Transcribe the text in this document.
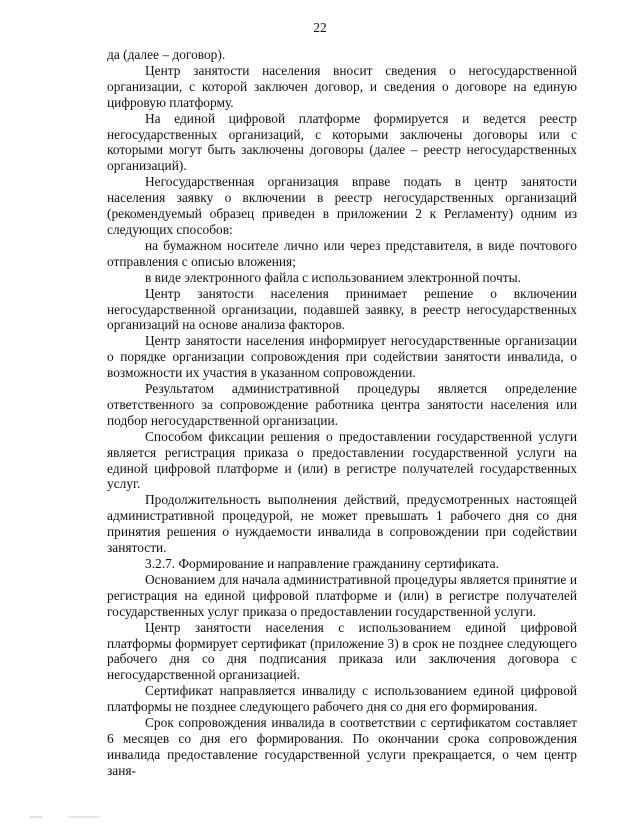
22

да (далее – договор).

Центр занятости населения вносит сведения о негосударственной организации, с которой заключен договор, и сведения о договоре на единую цифровую платформу.

На единой цифровой платформе формируется и ведется реестр негосударственных организаций, с которыми заключены договоры или с которыми могут быть заключены договоры (далее – реестр негосударственных организаций).

Негосударственная организация вправе подать в центр занятости населения заявку о включении в реестр негосударственных организаций (рекомендуемый образец приведен в приложении 2 к Регламенту) одним из следующих способов:

на бумажном носителе лично или через представителя, в виде почтового отправления с описью вложения;

в виде электронного файла с использованием электронной почты.

Центр занятости населения принимает решение о включении негосударственной организации, подавшей заявку, в реестр негосударственных организаций на основе анализа факторов.

Центр занятости населения информирует негосударственные организации о порядке организации сопровождения при содействии занятости инвалида, о возможности их участия в указанном сопровождении.

Результатом административной процедуры является определение ответственного за сопровождение работника центра занятости населения или подбор негосударственной организации.

Способом фиксации решения о предоставлении государственной услуги является регистрация приказа о предоставлении государственной услуги на единой цифровой платформе и (или) в регистре получателей государственных услуг.

Продолжительность выполнения действий, предусмотренных настоящей административной процедурой, не может превышать 1 рабочего дня со дня принятия решения о нуждаемости инвалида в сопровождении при содействии занятости.

3.2.7. Формирование и направление гражданину сертификата.

Основанием для начала административной процедуры является принятие и регистрация на единой цифровой платформе и (или) в регистре получателей государственных услуг приказа о предоставлении государственной услуги.

Центр занятости населения с использованием единой цифровой платформы формирует сертификат (приложение 3) в срок не позднее следующего рабочего дня со дня подписания приказа или заключения договора с негосударственной организацией.

Сертификат направляется инвалиду с использованием единой цифровой платформы не позднее следующего рабочего дня со дня его формирования.

Срок сопровождения инвалида в соответствии с сертификатом составляет 6 месяцев со дня его формирования. По окончании срока сопровождения инвалида предоставление государственной услуги прекращается, о чем центр заня-
